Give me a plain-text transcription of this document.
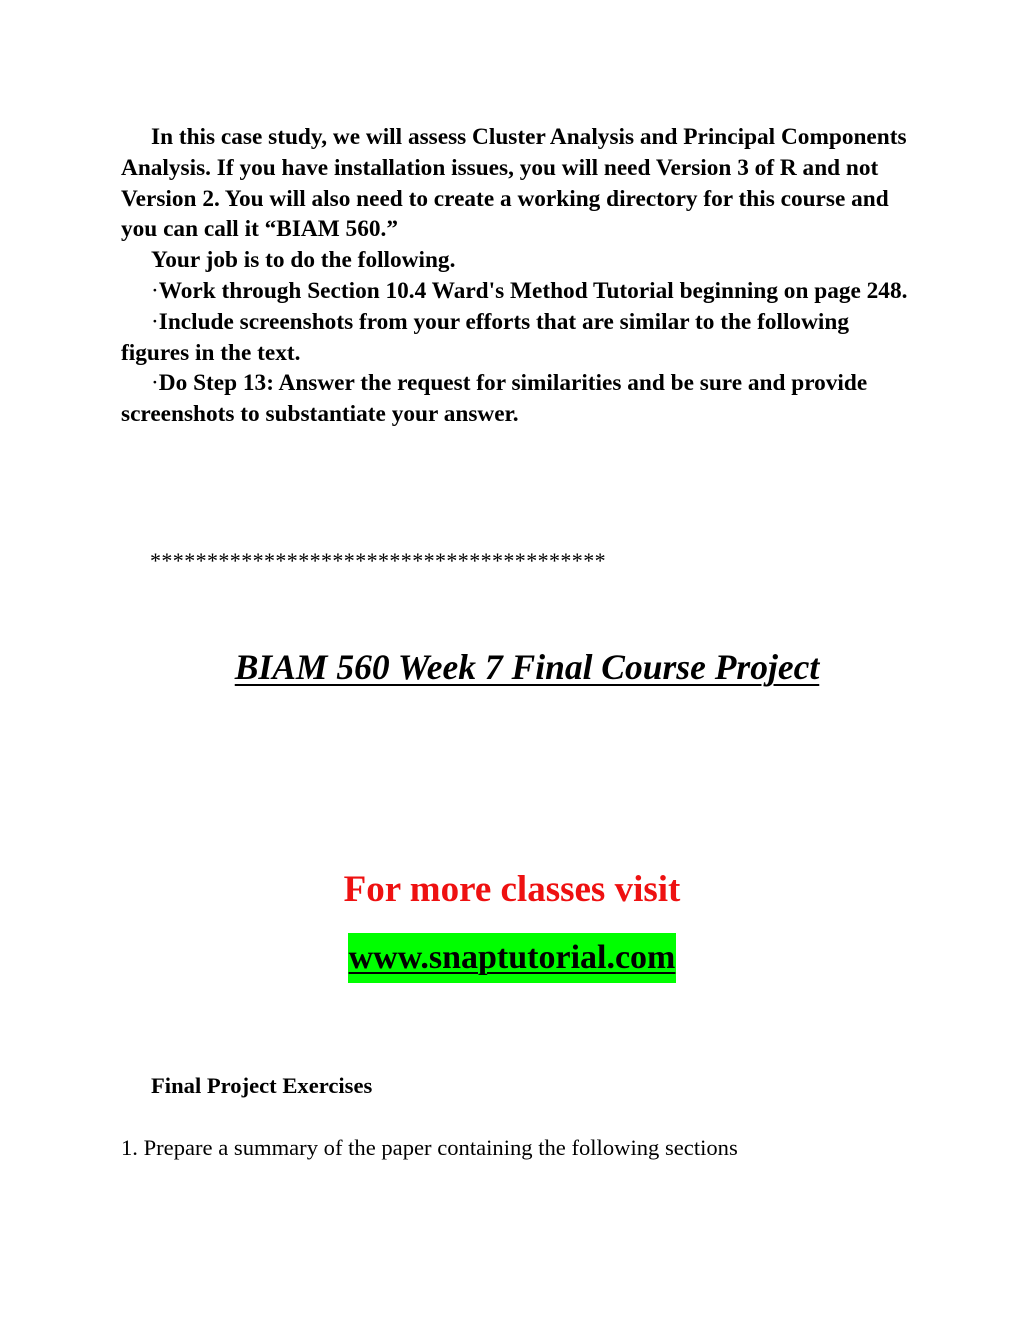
In this case study, we will assess Cluster Analysis and Principal Components Analysis. If you have installation issues, you will need Version 3 of R and not Version 2. You will also need to create a working directory for this course and you can call it “BIAM 560.”

Your job is to do the following.

·Work through Section 10.4 Ward's Method Tutorial beginning on page 248.

·Include screenshots from your efforts that are similar to the following figures in the text.

·Do Step 13: Answer the request for similarities and be sure and provide screenshots to substantiate your answer.

****************************************
BIAM 560 Week 7 Final Course Project
For more classes visit
www.snaptutorial.com
Final Project Exercises
1. Prepare a summary of the paper containing the following sections
